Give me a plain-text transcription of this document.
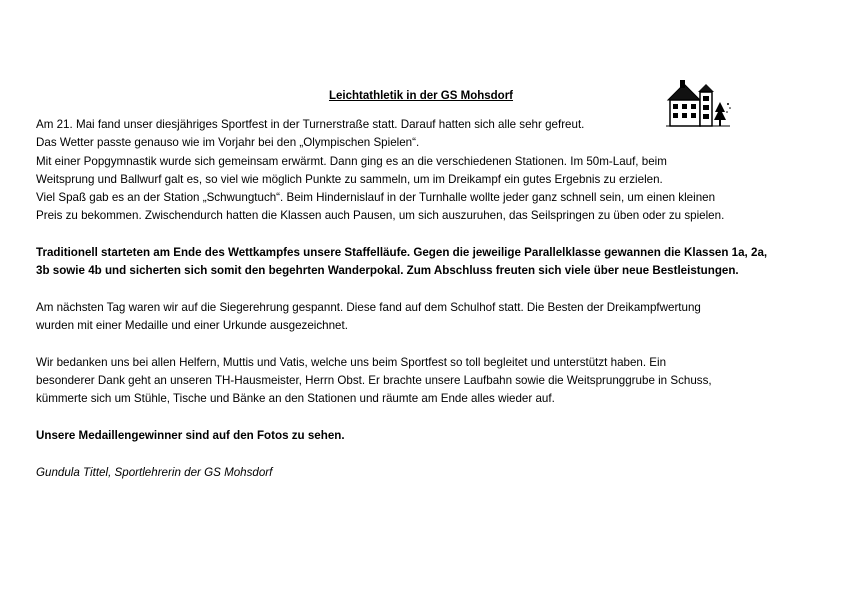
Leichtathletik in der GS Mohsdorf

Am 21. Mai fand unser diesjähriges Sportfest in der Turnerstraße statt. Darauf hatten sich alle sehr gefreut.
Das Wetter passte genauso wie im Vorjahr bei den „Olympischen Spielen“.
Mit einer Popgymnastik wurde sich gemeinsam erwärmt. Dann ging es an die verschiedenen Stationen. Im 50m-Lauf, beim
Weitsprung und Ballwurf galt es, so viel wie möglich Punkte zu sammeln, um im Dreikampf ein gutes Ergebnis zu erzielen.
Viel Spaß gab es an der Station „Schwungtuch“. Beim Hindernislauf in der Turnhalle wollte jeder ganz schnell sein, um einen kleinen
Preis zu bekommen. Zwischendurch hatten die Klassen auch Pausen, um sich auszuruhen, das Seilspringen zu üben oder zu spielen.

Traditionell starteten am Ende des Wettkampfes unsere Staffelläufe. Gegen die jeweilige Parallelklasse gewannen die Klassen 1a, 2a,
3b sowie 4b und sicherten sich somit den begehrten Wanderpokal. Zum Abschluss freuten sich viele über neue Bestleistungen.

Am nächsten Tag waren wir auf die Siegerehrung gespannt. Diese fand auf dem Schulhof statt. Die Besten der Dreikampfwertung
wurden mit einer Medaille und einer Urkunde ausgezeichnet.

Wir bedanken uns bei allen Helfern, Muttis und Vatis, welche uns beim Sportfest so toll begleitet und unterstützt haben. Ein
besonderer Dank geht an unseren TH-Hausmeister, Herrn Obst. Er brachte unsere Laufbahn sowie die Weitsprunggrube in Schuss,
kümmerte sich um Stühle, Tische und Bänke an den Stationen und räumte am Ende alles wieder auf.

Unsere Medaillengewinner sind auf den Fotos zu sehen.

Gundula Tittel, Sportlehrerin der GS Mohsdorf
